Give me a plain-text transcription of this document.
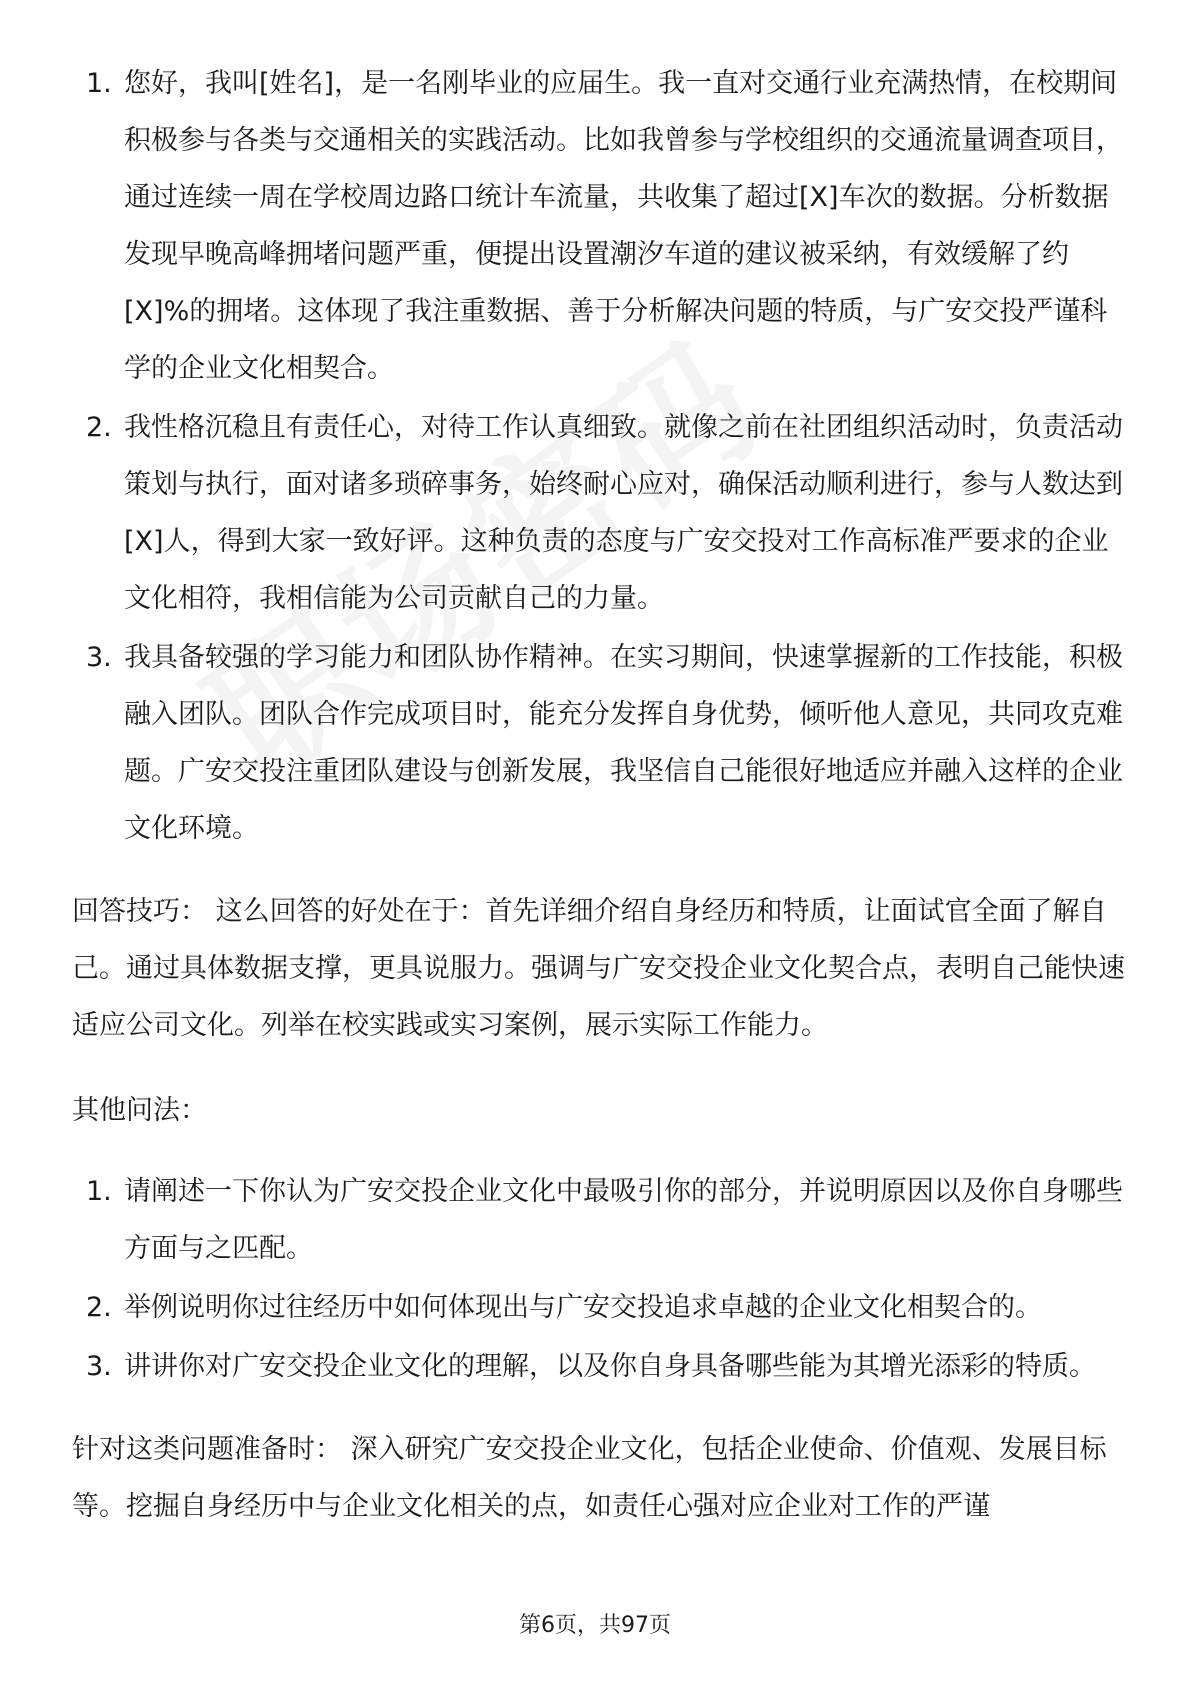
1. 您好，我叫[姓名]，是一名刚毕业的应届生。我一直对交通行业充满热情，在校期间积极参与各类与交通相关的实践活动。比如我曾参与学校组织的交通流量调查项目，通过连续一周在学校周边路口统计车流量，共收集了超过[X]车次的数据。分析数据发现早晚高峰拥堵问题严重，便提出设置潮汐车道的建议被采纳，有效缓解了约[X]%的拥堵。这体现了我注重数据、善于分析解决问题的特质，与广安交投严谨科学的企业文化相契合。
2. 我性格沉稳且有责任心，对待工作认真细致。就像之前在社团组织活动时，负责活动策划与执行，面对诸多琐碎事务，始终耐心应对，确保活动顺利进行，参与人数达到[X]人，得到大家一致好评。这种负责的态度与广安交投对工作高标准严要求的企业文化相符，我相信能为公司贡献自己的力量。
3. 我具备较强的学习能力和团队协作精神。在实习期间，快速掌握新的工作技能，积极融入团队。团队合作完成项目时，能充分发挥自身优势，倾听他人意见，共同攻克难题。广安交投注重团队建设与创新发展，我坚信自己能很好地适应并融入这样的企业文化环境。

回答技巧： 这么回答的好处在于：首先详细介绍自身经历和特质，让面试官全面了解自己。通过具体数据支撑，更具说服力。强调与广安交投企业文化契合点，表明自己能快速适应公司文化。列举在校实践或实习案例，展示实际工作能力。

其他问法：

1. 请阐述一下你认为广安交投企业文化中最吸引你的部分，并说明原因以及你自身哪些方面与之匹配。
2. 举例说明你过往经历中如何体现出与广安交投追求卓越的企业文化相契合的。
3. 讲讲你对广安交投企业文化的理解，以及你自身具备哪些能为其增光添彩的特质。

针对这类问题准备时： 深入研究广安交投企业文化，包括企业使命、价值观、发展目标等。挖掘自身经历中与企业文化相关的点，如责任心强对应企业对工作的严谨

第6页，共97页
